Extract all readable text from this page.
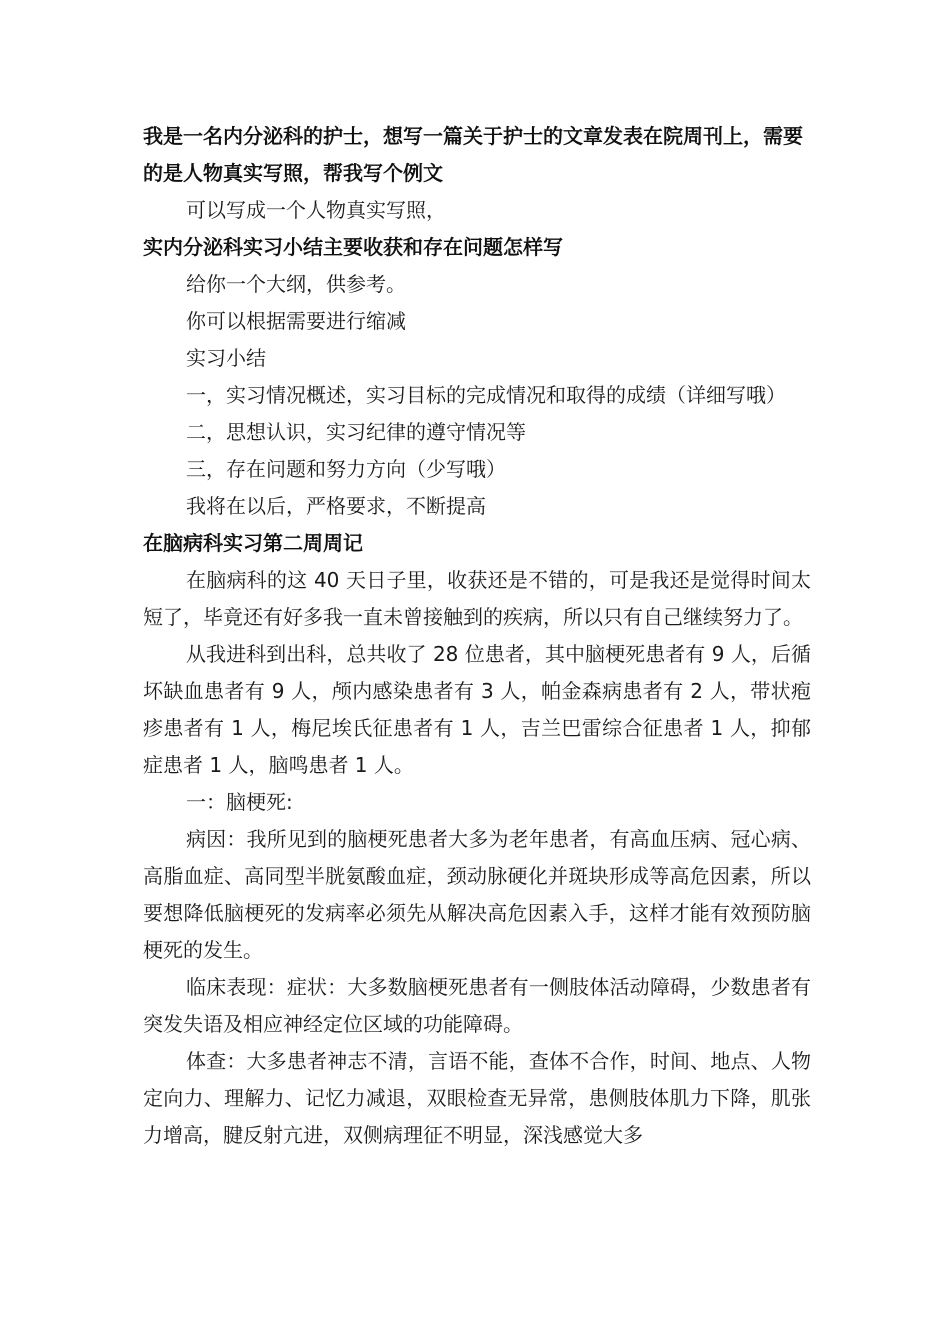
我是一名内分泌科的护士，想写一篇关于护士的文章发表在院周刊上，需要的是人物真实写照，帮我写个例文

可以写成一个人物真实写照，

实内分泌科实习小结主要收获和存在问题怎样写

给你一个大纲，供参考。

你可以根据需要进行缩减

实习小结

一，实习情况概述，实习目标的完成情况和取得的成绩（详细写哦）

二，思想认识，实习纪律的遵守情况等

三，存在问题和努力方向（少写哦）

我将在以后，严格要求，不断提高

在脑病科实习第二周周记

在脑病科的这 40 天日子里，收获还是不错的，可是我还是觉得时间太短了，毕竟还有好多我一直未曾接触到的疾病，所以只有自己继续努力了。

从我进科到出科，总共收了 28 位患者，其中脑梗死患者有 9 人，后循坏缺血患者有 9 人，颅内感染患者有 3 人，帕金森病患者有 2 人，带状疱疹患者有 1 人，梅尼埃氏征患者有 1 人，吉兰巴雷综合征患者 1 人，抑郁症患者 1 人，脑鸣患者 1 人。

一：脑梗死:

病因：我所见到的脑梗死患者大多为老年患者，有高血压病、冠心病、高脂血症、高同型半胱氨酸血症，颈动脉硬化并斑块形成等高危因素，所以要想降低脑梗死的发病率必须先从解决高危因素入手，这样才能有效预防脑梗死的发生。

临床表现：症状：大多数脑梗死患者有一侧肢体活动障碍，少数患者有突发失语及相应神经定位区域的功能障碍。

体查：大多患者神志不清，言语不能，查体不合作，时间、地点、人物定向力、理解力、记忆力减退，双眼检查无异常，患侧肢体肌力下降，肌张力增高，腱反射亢进，双侧病理征不明显，深浅感觉大多
